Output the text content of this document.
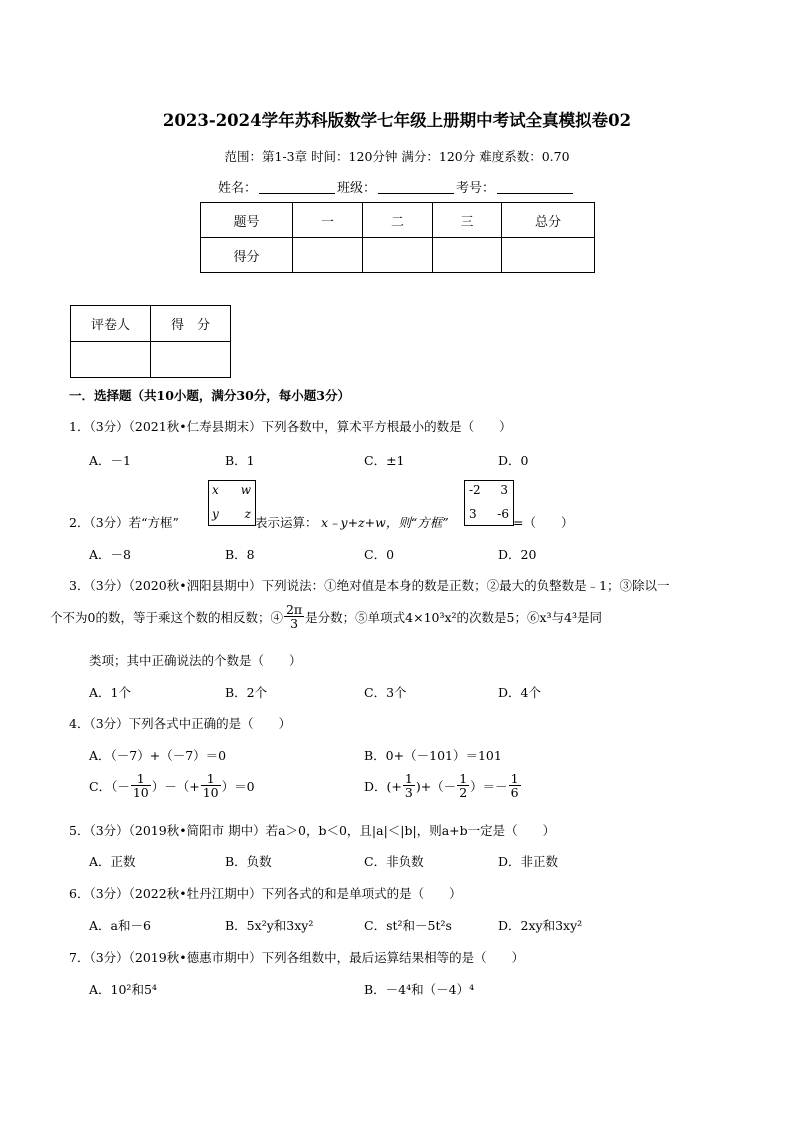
2023-2024学年苏科版数学七年级上册期中考试全真模拟卷02
范围：第1-3章 时间：120分钟 满分：120分 难度系数：0.70
姓名：	班级：	考号：
题号	一	二	三	总分
得分				
评卷人	得　分

一．选择题（共10小题，满分30分，每小题3分）
1．（3分）（2021秋•仁寿县期末）下列各数中，算术平方根最小的数是（　　）
A．－1	B．1	C．±1	D．0
2．（3分）若“方框”
x w
y z
表示运算： x﹣y+z+w，则“方框”
-2 3
3 -6
=（　　）
A．－8	B．8	C．0	D．20
3．（3分）（2020秋•泗阳县期中）下列说法：①绝对值是本身的数是正数；②最大的负整数是﹣1；③除以一
个不为0的数，等于乘这个数的相反数；④ $\frac{2\pi}{3}$ 是分数；⑤单项式4×10³x²的次数是5；⑥x³与4³是同
类项；其中正确说法的个数是（　　）
A．1个	B．2个	C．3个	D．4个
4．（3分）下列各式中正确的是（　　）
A．（－7）+（－7）＝0	B．0+（－101）＝101
C．（－ $\frac{1}{10}$ ）－（+ $\frac{1}{10} )=0$	D．(+ $\frac{1}{3}$ )+（－ $\frac{1}{2}$ ）＝－ $\frac{1}{6}$
5．（3分）（2019秋•简阳市 期中）若a＞0，b＜0，且|a|＜|b|，则a+b一定是（　　）
A．正数	B．负数	C．非负数	D．非正数
6．（3分）（2022秋•牡丹江期中）下列各式的和是单项式的是（　　）
A．a和－6	B．5x²y和3xy²	C．st²和－5t²s	D．2xy和3xy²
7．（3分）（2019秋•德惠市期中）下列各组数中，最后运算结果相等的是（　　）
A．10²和5⁴	B．－4⁴和（－4）⁴
